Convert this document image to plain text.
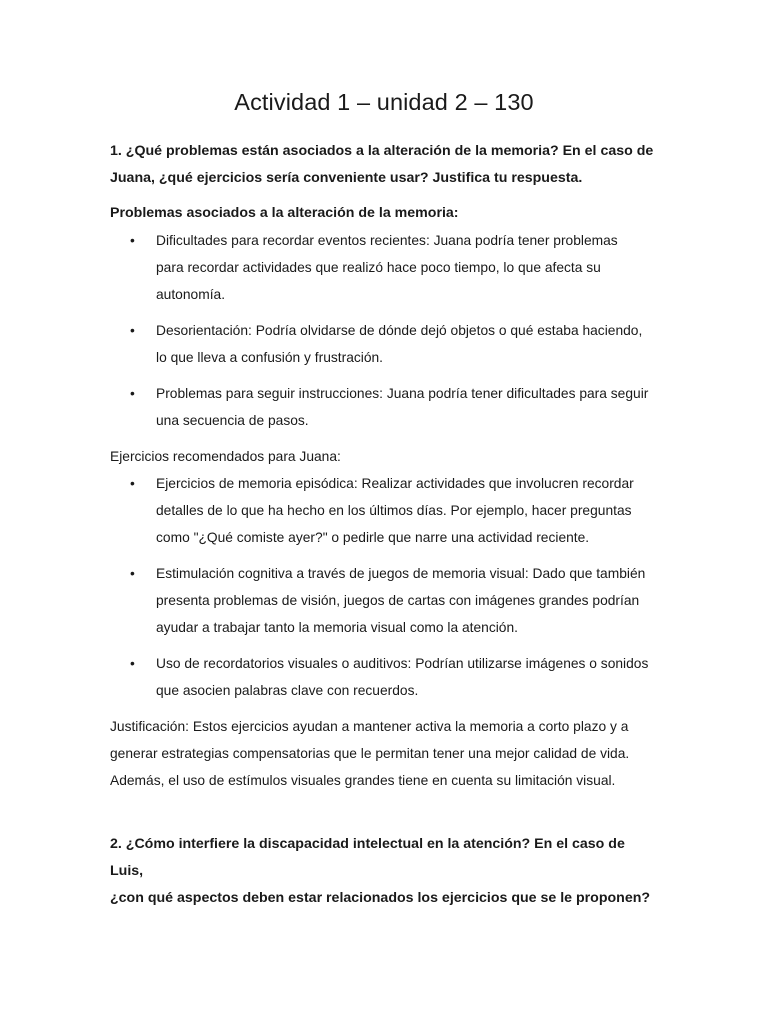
Actividad 1 – unidad 2 – 130

1. ¿Qué problemas están asociados a la alteración de la memoria? En el caso de
Juana, ¿qué ejercicios sería conveniente usar? Justifica tu respuesta.

Problemas asociados a la alteración de la memoria:

•	Dificultades para recordar eventos recientes: Juana podría tener problemas
para recordar actividades que realizó hace poco tiempo, lo que afecta su
autonomía.
•	Desorientación: Podría olvidarse de dónde dejó objetos o qué estaba haciendo,
lo que lleva a confusión y frustración.
•	Problemas para seguir instrucciones: Juana podría tener dificultades para seguir
una secuencia de pasos.

Ejercicios recomendados para Juana:

•	Ejercicios de memoria episódica: Realizar actividades que involucren recordar
detalles de lo que ha hecho en los últimos días. Por ejemplo, hacer preguntas
como "¿Qué comiste ayer?" o pedirle que narre una actividad reciente.
•	Estimulación cognitiva a través de juegos de memoria visual: Dado que también
presenta problemas de visión, juegos de cartas con imágenes grandes podrían
ayudar a trabajar tanto la memoria visual como la atención.
•	Uso de recordatorios visuales o auditivos: Podrían utilizarse imágenes o sonidos
que asocien palabras clave con recuerdos.

Justificación: Estos ejercicios ayudan a mantener activa la memoria a corto plazo y a
generar estrategias compensatorias que le permitan tener una mejor calidad de vida.
Además, el uso de estímulos visuales grandes tiene en cuenta su limitación visual.

2. ¿Cómo interfiere la discapacidad intelectual en la atención? En el caso de Luis,
¿con qué aspectos deben estar relacionados los ejercicios que se le proponen?
